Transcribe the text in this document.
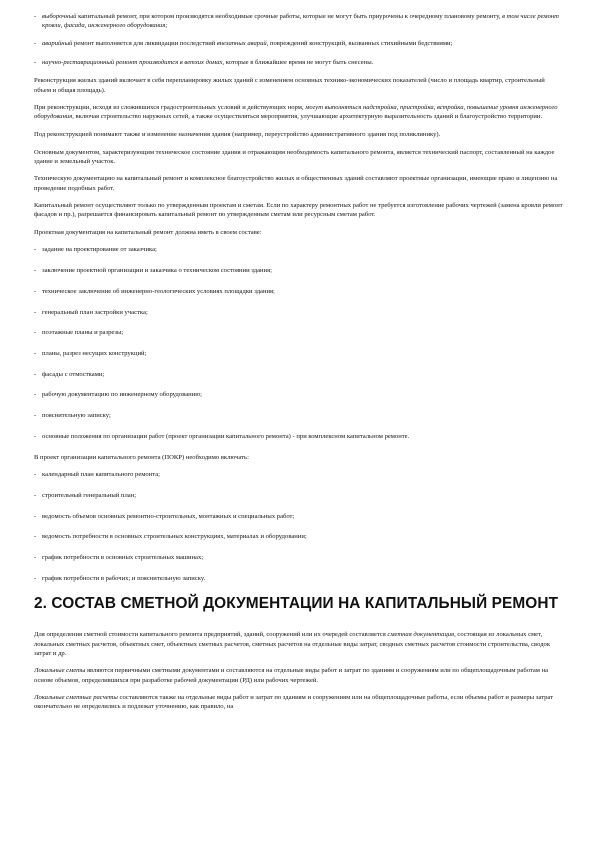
- выборочный капитальный ремонт, при котором производятся необходимые срочные работы, которые не могут быть приурочены к очередному плановому ремонту, в том числе ремонт кровли, фасада, инженерного оборудования;
- аварийный ремонт выполняется для ликвидации последствий внезапных аварий, повреждений конструкций, вызванных стихийными бедствиями;
- научно-реставрационный ремонт производится в ветхих домах, которые в ближайшее время не могут быть снесены.

Реконструкция жилых зданий включает в себя перепланировку жилых зданий с изменением основных технико-экономических показателей (число и площадь квартир, строительный объем и общая площадь).

При реконструкции, исходя из сложившихся градостроительных условий и действующих норм, могут выполняться надстройка, пристройка, встройка, повышение уровня инженерного оборудования, включая строительство наружных сетей, а также осуществляться мероприятия, улучшающие архитектурную выразительность зданий и благоустройство территории.

Под реконструкцией понимают также и изменение назначения здания (например, переустройство административного здания под поликлинику).

Основным документом, характеризующим техническое состояние здания и отражающим необходимость капитального ремонта, является технический паспорт, составленный на каждое здание и земельный участок.

Техническую документацию на капитальный ремонт и комплексное благоустройство жилых и общественных зданий составляют проектные организации, имеющие право и лицензию на проведение подобных работ.

Капитальный ремонт осуществляют только по утвержденным проектам и сметам. Если по характеру ремонтных работ не требуется изготовление рабочих чертежей (замена кровли ремонт фасадов и пр.), разрешается финансировать капитальный ремонт по утвержденным сметам или ресурсным сметам работ.

Проектная документация на капитальный ремонт должна иметь в своем составе:

- задание на проектирование от заказчика;
- заключение проектной организации и заказчика о техническом состоянии здания;
- техническое заключение об инженерно-геологических условиях площадки здания;
- генеральный план застройки участка;
- поэтажные планы и разрезы;
- планы, разрез несущих конструкций;
- фасады с отмостками;
- рабочую документацию по инженерному оборудованию;
- пояснительную записку;
- основные положения по организации работ (проект организации капитального ремонта) - при комплексном капитальном ремонте.

В проект организации капитального ремонта (ПОКР) необходимо включать:

- календарный план капитального ремонта;
- строительный генеральный план;
- ведомость объемов основных ремонтно-строительных, монтажных и специальных работ;
- ведомость потребности в основных строительных конструкциях, материалах и оборудовании;
- график потребности в основных строительных машинах;
- график потребности в рабочих; и пояснительную записку.
2. СОСТАВ СМЕТНОЙ ДОКУМЕНТАЦИИ НА КАПИТАЛЬНЫЙ РЕМОНТ

Для определения сметной стоимости капитального ремонта предприятий, зданий, сооружений или их очередей составляется сметная документация, состоящая из локальных смет, локальных сметных расчетов, объектных смет, объектных сметных расчетов, сметных расчетов на отдельные виды затрат, сводных сметных расчетов стоимости строительства, сводок затрат и др.

Локальные сметы являются первичными сметными документами и составляются на отдельные виды работ и затрат по зданиям и сооружениям или по общеплощадочным работам на основе объемов, определившихся при разработке рабочей документации (РД) или рабочих чертежей.

Локальные сметные расчеты составляются также на отдельные виды работ и затрат по зданиям и сооружениям или на общеплощадочные работы, если объемы работ и размеры затрат окончательно не определились и подлежат уточнению, как правило, на
